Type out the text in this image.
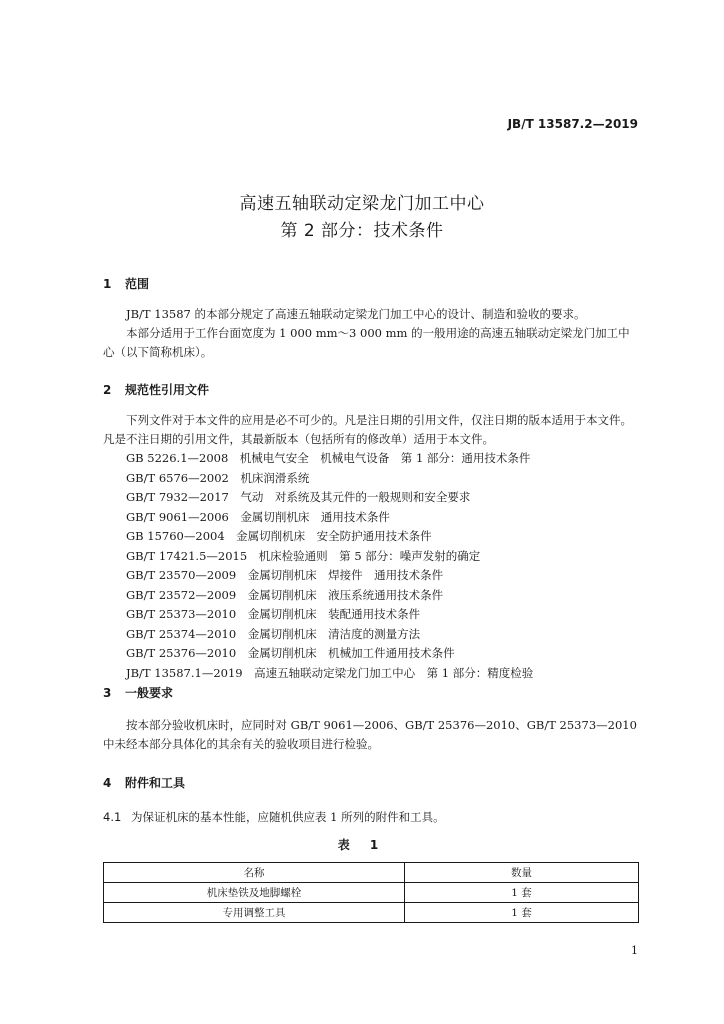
JB/T 13587.2—2019
高速五轴联动定梁龙门加工中心
第 2 部分：技术条件
1 范围
JB/T 13587 的本部分规定了高速五轴联动定梁龙门加工中心的设计、制造和验收的要求。
本部分适用于工作台面宽度为 1 000 mm～3 000 mm 的一般用途的高速五轴联动定梁龙门加工中心（以下简称机床）。
2 规范性引用文件
下列文件对于本文件的应用是必不可少的。凡是注日期的引用文件，仅注日期的版本适用于本文件。凡是不注日期的引用文件，其最新版本（包括所有的修改单）适用于本文件。
GB 5226.1—2008　机械电气安全　机械电气设备　第 1 部分：通用技术条件
GB/T 6576—2002　机床润滑系统
GB/T 7932—2017　气动　对系统及其元件的一般规则和安全要求
GB/T 9061—2006　金属切削机床　通用技术条件
GB 15760—2004　金属切削机床　安全防护通用技术条件
GB/T 17421.5—2015　机床检验通则　第 5 部分：噪声发射的确定
GB/T 23570—2009　金属切削机床　焊接件　通用技术条件
GB/T 23572—2009　金属切削机床　液压系统通用技术条件
GB/T 25373—2010　金属切削机床　装配通用技术条件
GB/T 25374—2010　金属切削机床　清洁度的测量方法
GB/T 25376—2010　金属切削机床　机械加工件通用技术条件
JB/T 13587.1—2019　高速五轴联动定梁龙门加工中心　第 1 部分：精度检验
3 一般要求
按本部分验收机床时，应同时对 GB/T 9061—2006、GB/T 25376—2010、GB/T 25373—2010 中未经本部分具体化的其余有关的验收项目进行检验。
4 附件和工具
4.1 为保证机床的基本性能，应随机供应表 1 所列的附件和工具。
表 1
名称	数量
机床垫铁及地脚螺栓	1 套
专用调整工具	1 套
1
